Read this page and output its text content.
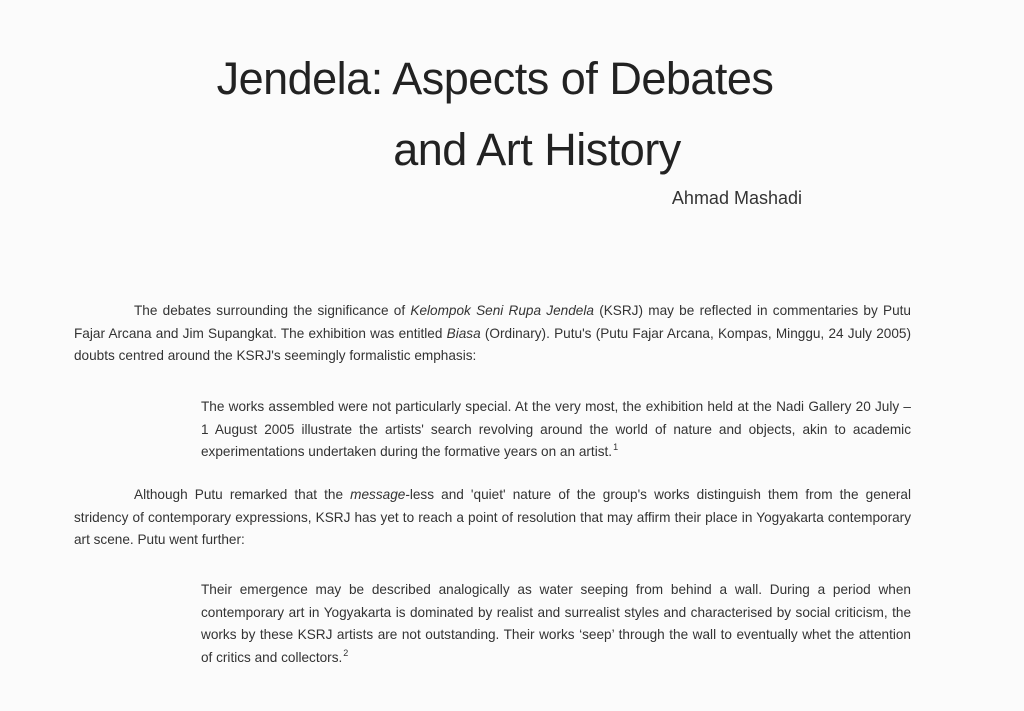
Jendela: Aspects of Debates
and Art History
Ahmad Mashadi

The debates surrounding the significance of Kelompok Seni Rupa Jendela (KSRJ) may be reflected in commentaries by Putu Fajar Arcana and Jim Supangkat. The exhibition was entitled Biasa (Ordinary). Putu's (Putu Fajar Arcana, Kompas, Minggu, 24 July 2005) doubts centred around the KSRJ's seemingly formalistic emphasis:

The works assembled were not particularly special. At the very most, the exhibition held at the Nadi Gallery 20 July – 1 August 2005 illustrate the artists' search revolving around the world of nature and objects, akin to academic experimentations undertaken during the formative years on an artist.$^1$

Although Putu remarked that the message-less and 'quiet' nature of the group's works distinguish them from the general stridency of contemporary expressions, KSRJ has yet to reach a point of resolution that may affirm their place in Yogyakarta contemporary art scene. Putu went further:

Their emergence may be described analogically as water seeping from behind a wall. During a period when contemporary art in Yogyakarta is dominated by realist and surrealist styles and characterised by social criticism, the works by these KSRJ artists are not outstanding. Their works ‘seep’ through the wall to eventually whet the attention of critics and collectors.$^2$
